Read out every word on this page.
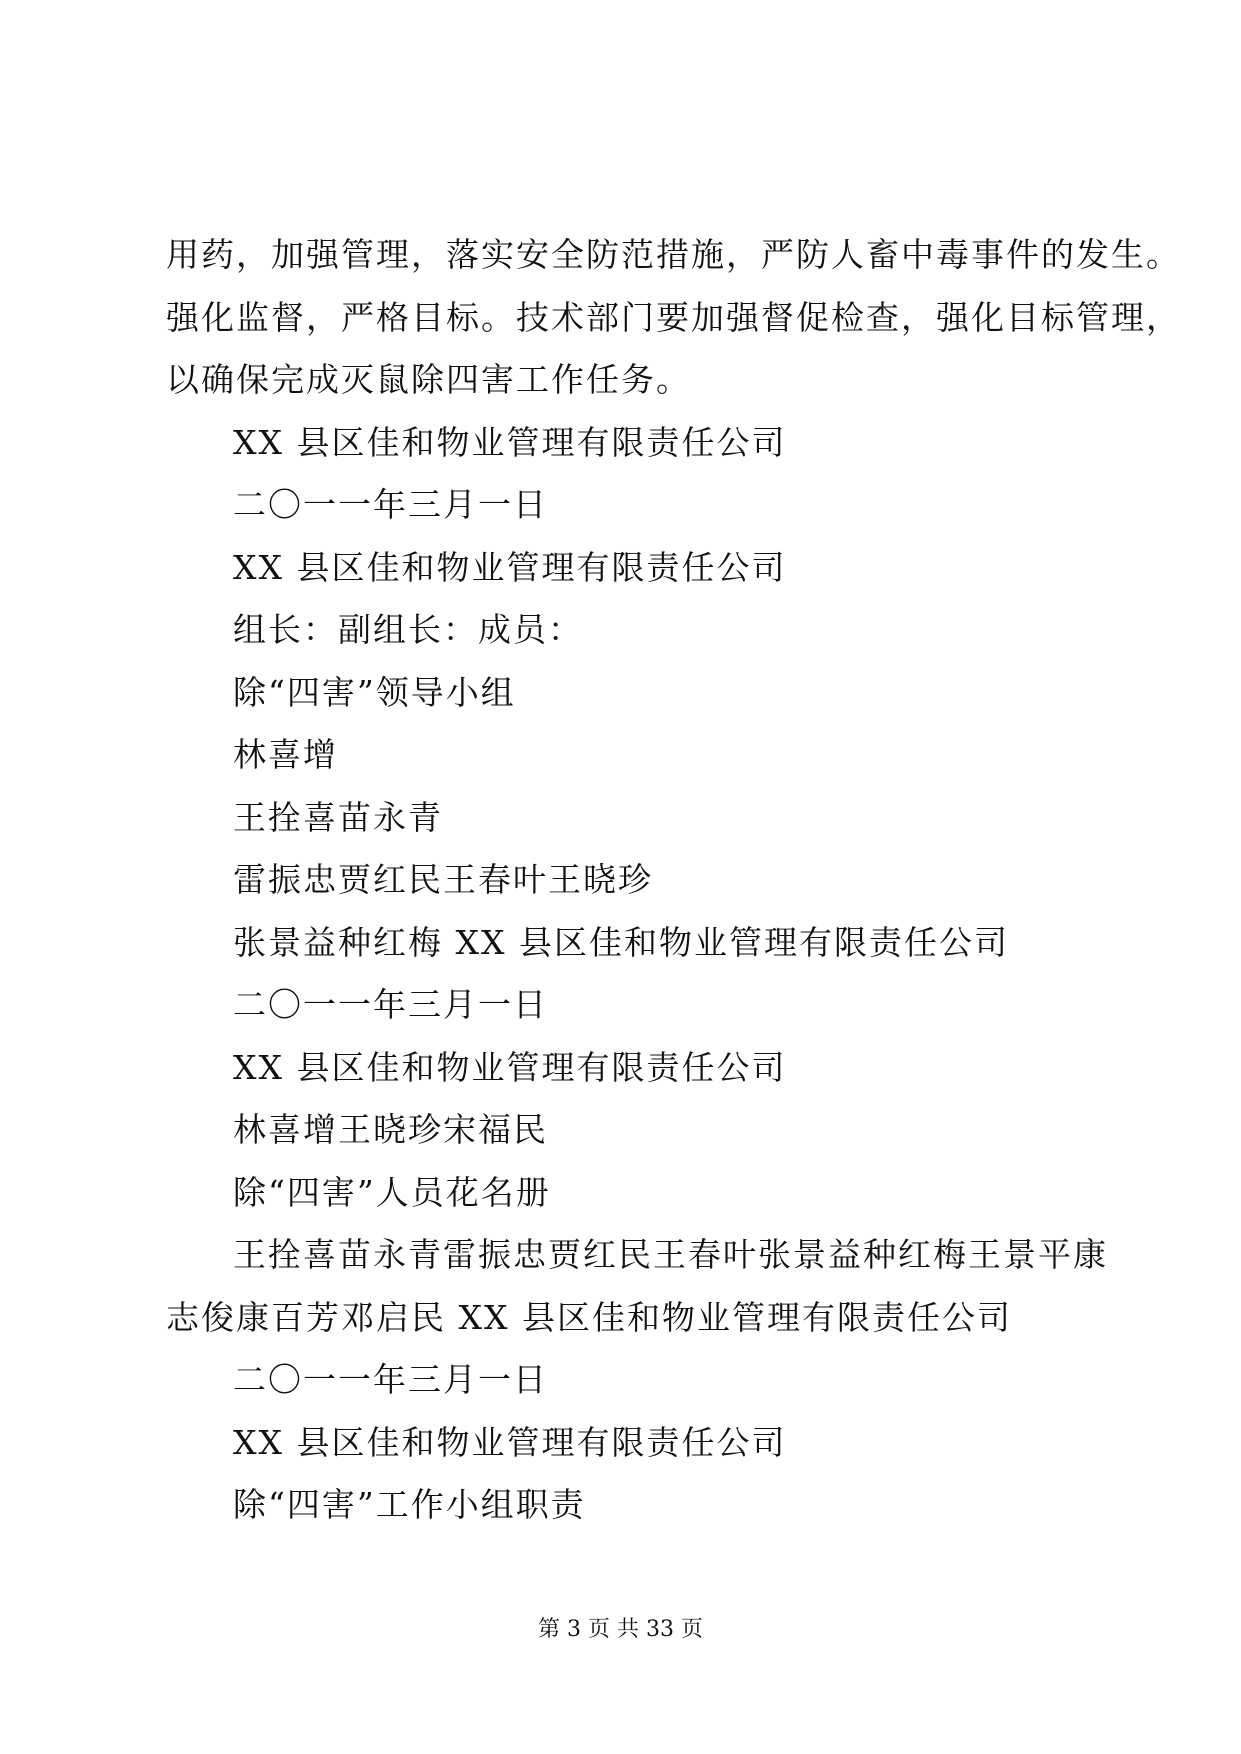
用药，加强管理，落实安全防范措施，严防人畜中毒事件的发生。
强化监督，严格目标。技术部门要加强督促检查，强化目标管理，
以确保完成灭鼠除四害工作任务。
XX 县区佳和物业管理有限责任公司
二〇一一年三月一日
XX 县区佳和物业管理有限责任公司
组长：副组长：成员：
除“四害”领导小组
林喜增
王拴喜苗永青
雷振忠贾红民王春叶王晓珍
张景益种红梅 XX 县区佳和物业管理有限责任公司
二〇一一年三月一日
XX 县区佳和物业管理有限责任公司
林喜增王晓珍宋福民
除“四害”人员花名册
王拴喜苗永青雷振忠贾红民王春叶张景益种红梅王景平康
志俊康百芳邓启民 XX 县区佳和物业管理有限责任公司
二〇一一年三月一日
XX 县区佳和物业管理有限责任公司
除“四害”工作小组职责
第 3 页 共 33 页
